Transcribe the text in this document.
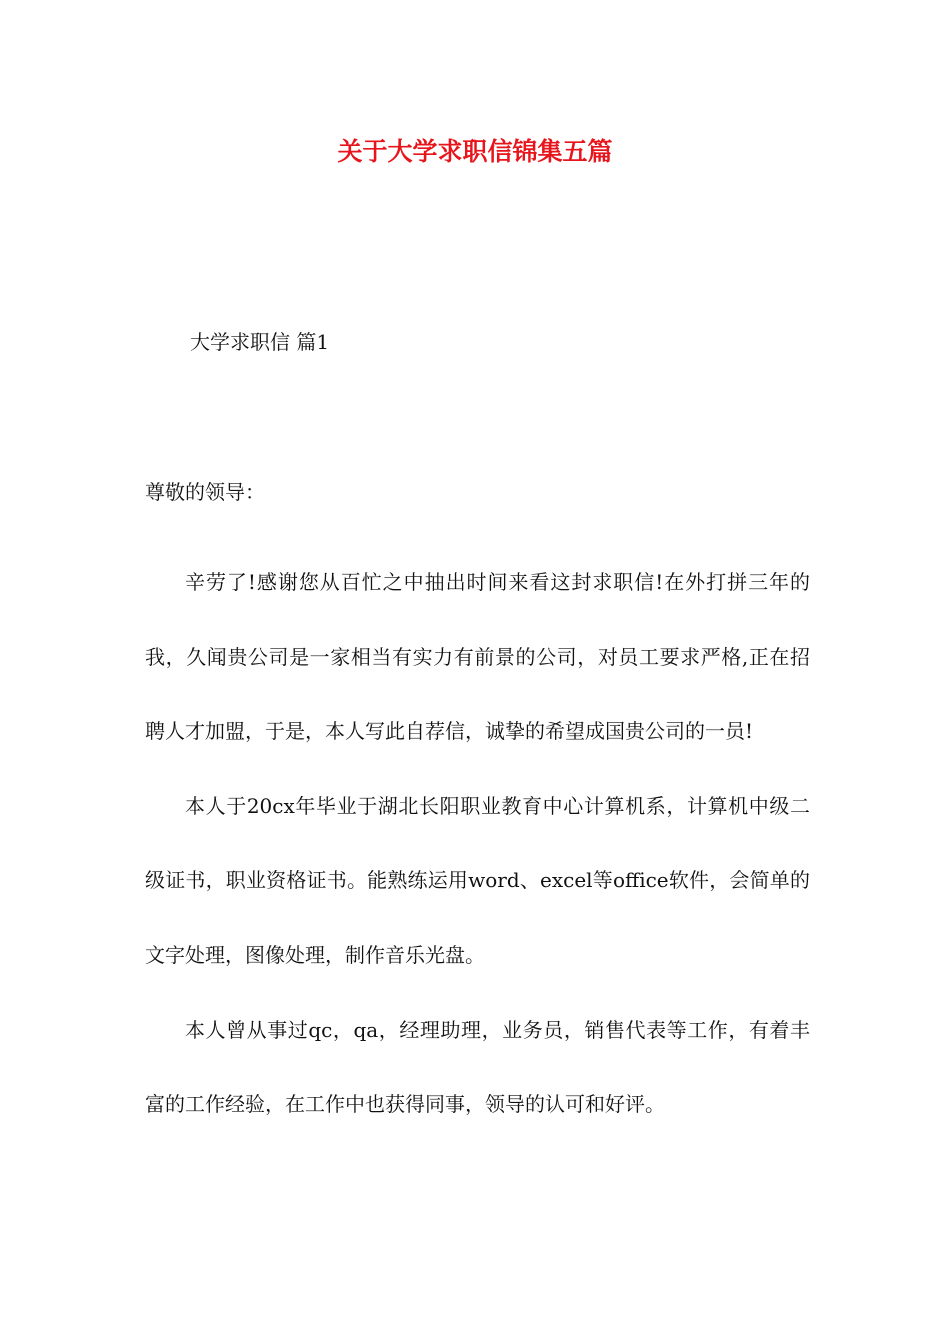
关于大学求职信锦集五篇

大学求职信 篇1

尊敬的领导：

辛劳了!感谢您从百忙之中抽出时间来看这封求职信!在外打拼三年的我，久闻贵公司是一家相当有实力有前景的公司，对员工要求严格,正在招聘人才加盟，于是，本人写此自荐信，诚挚的希望成国贵公司的一员!

本人于20cx年毕业于湖北长阳职业教育中心计算机系，计算机中级二级证书，职业资格证书。能熟练运用word、excel等office软件，会简单的文字处理，图像处理，制作音乐光盘。

本人曾从事过qc，qa，经理助理，业务员，销售代表等工作，有着丰富的工作经验，在工作中也获得同事，领导的认可和好评。
